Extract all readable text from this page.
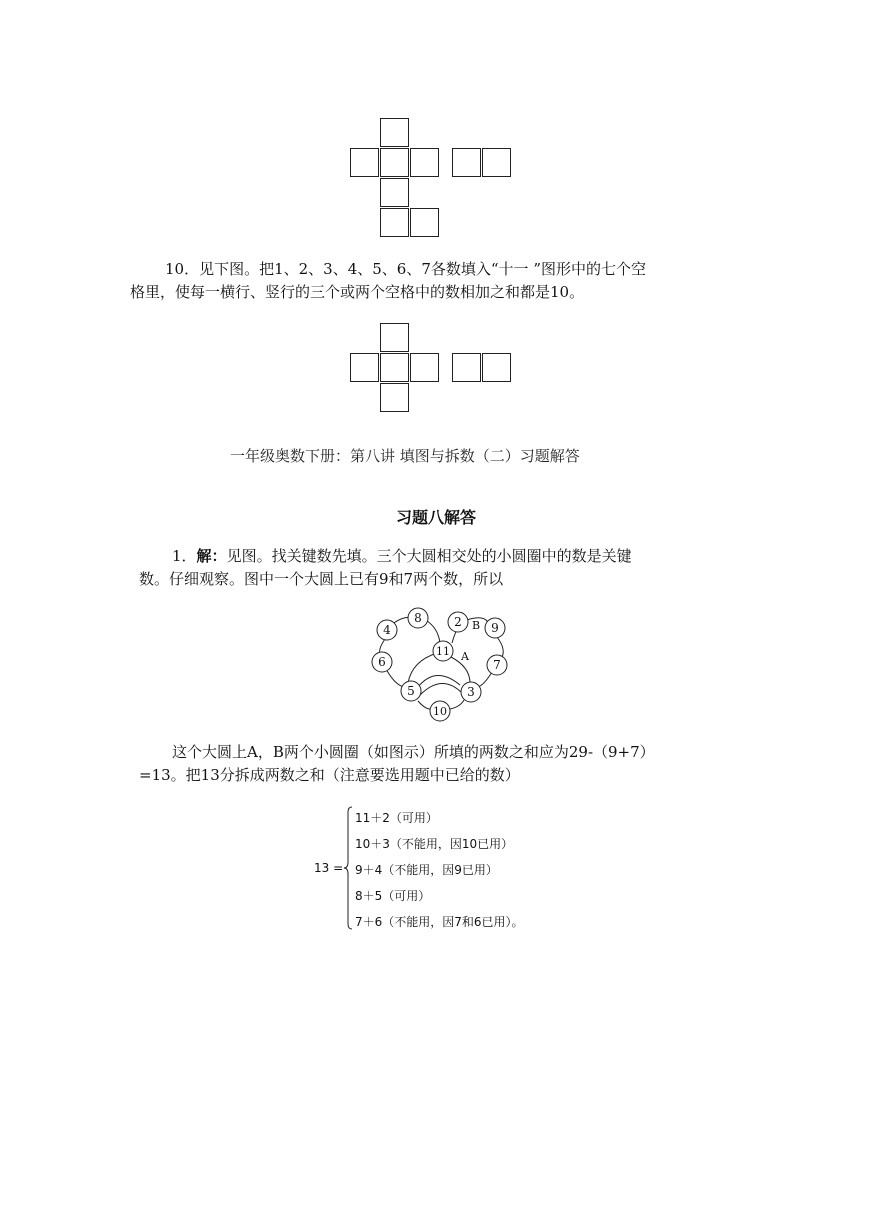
10．见下图。把1、2、3、4、5、6、7各数填入“十一 ”图形中的七个空
格里，使每一横行、竖行的三个或两个空格中的数相加之和都是10。
一年级奥数下册：第八讲 填图与拆数（二）习题解答
习题八解答
1．解：见图。找关键数先填。三个大圆相交处的小圆圈中的数是关键
数。仔细观察。图中一个大圆上已有9和7两个数，所以
8
4
2 9
6
11
7
5	3
10
B
A
这个大圆上A，B两个小圆圈（如图示）所填的两数之和应为29-（9+7）
=13。把13分拆成两数之和（注意要选用题中已给的数）
13 =
11＋2（可用）
10＋3（不能用，因10已用）
9＋4（不能用，因9已用）
8＋5（可用）
7＋6（不能用，因7和6已用）。
